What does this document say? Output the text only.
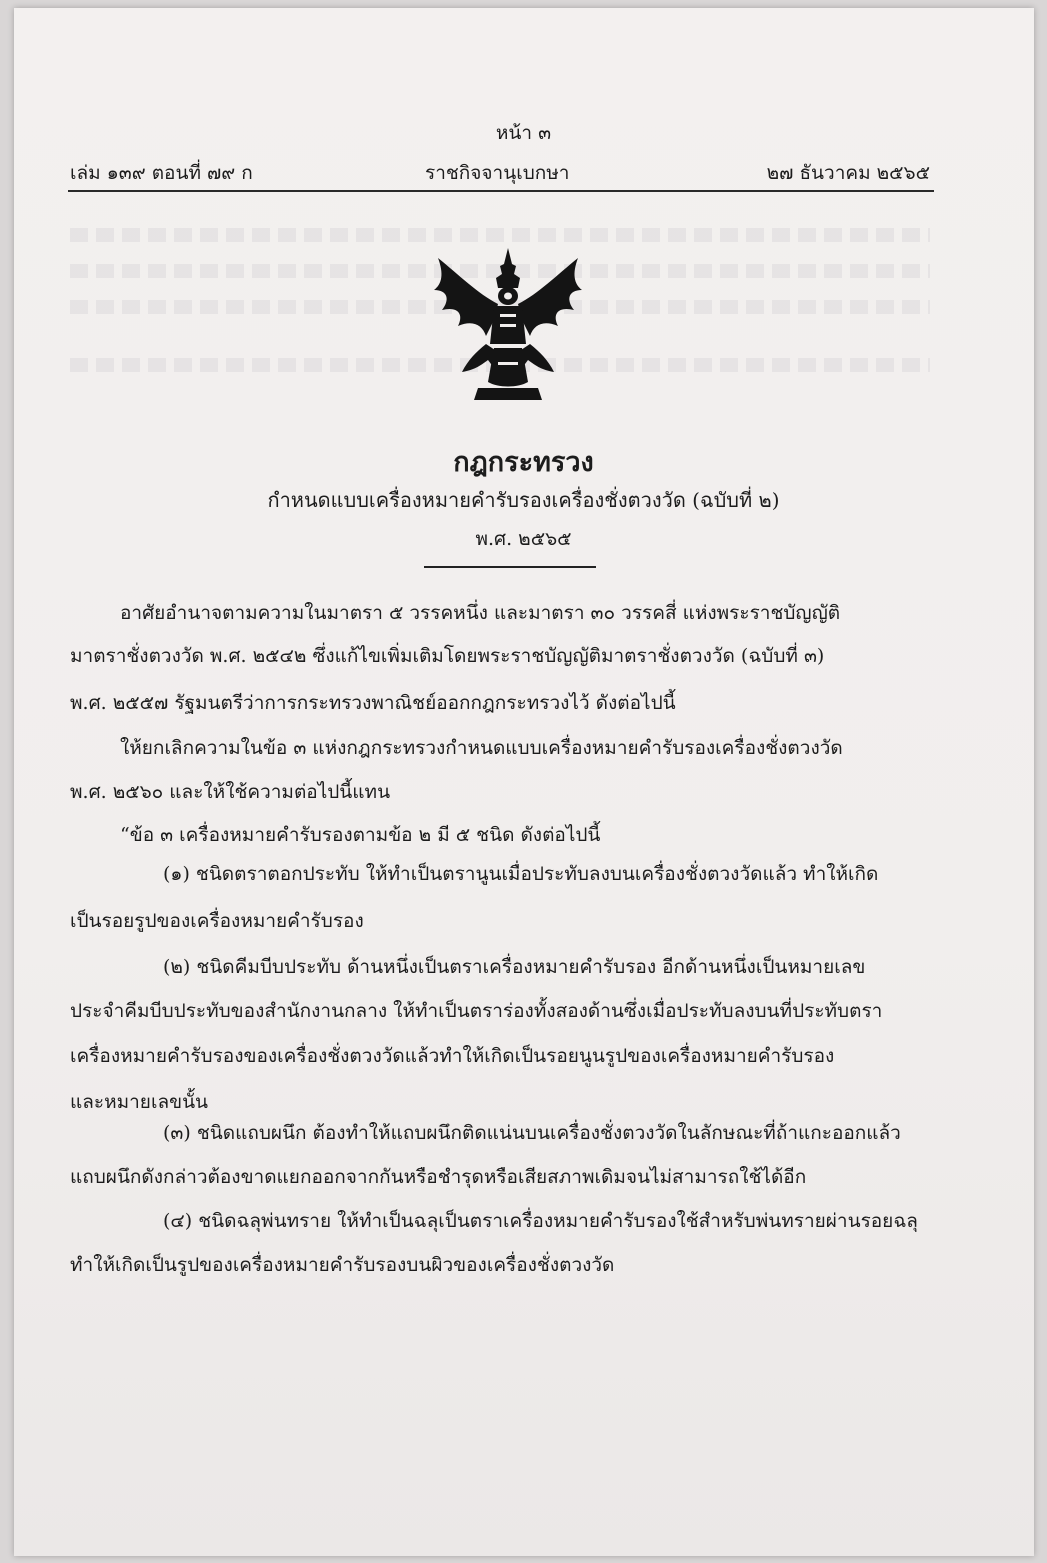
หน้า ๓
เล่ม ๑๓๙ ตอนที่ ๗๙ ก	ราชกิจจานุเบกษา	๒๗ ธันวาคม ๒๕๖๕
กฎกระทรวง
กำหนดแบบเครื่องหมายคำรับรองเครื่องชั่งตวงวัด (ฉบับที่ ๒)
พ.ศ. ๒๕๖๕
อาศัยอำนาจตามความในมาตรา ๕ วรรคหนึ่ง และมาตรา ๓๐ วรรคสี่ แห่งพระราชบัญญัติ
มาตราชั่งตวงวัด พ.ศ. ๒๕๔๒ ซึ่งแก้ไขเพิ่มเติมโดยพระราชบัญญัติมาตราชั่งตวงวัด (ฉบับที่ ๓)
พ.ศ. ๒๕๕๗ รัฐมนตรีว่าการกระทรวงพาณิชย์ออกกฎกระทรวงไว้ ดังต่อไปนี้
ให้ยกเลิกความในข้อ ๓ แห่งกฎกระทรวงกำหนดแบบเครื่องหมายคำรับรองเครื่องชั่งตวงวัด
พ.ศ. ๒๕๖๐ และให้ใช้ความต่อไปนี้แทน
“ข้อ ๓ เครื่องหมายคำรับรองตามข้อ ๒ มี ๕ ชนิด ดังต่อไปนี้
(๑) ชนิดตราตอกประทับ ให้ทำเป็นตรานูนเมื่อประทับลงบนเครื่องชั่งตวงวัดแล้ว ทำให้เกิด
เป็นรอยรูปของเครื่องหมายคำรับรอง
(๒) ชนิดคีมบีบประทับ ด้านหนึ่งเป็นตราเครื่องหมายคำรับรอง อีกด้านหนึ่งเป็นหมายเลข
ประจำคีมบีบประทับของสำนักงานกลาง ให้ทำเป็นตราร่องทั้งสองด้านซึ่งเมื่อประทับลงบนที่ประทับตรา
เครื่องหมายคำรับรองของเครื่องชั่งตวงวัดแล้วทำให้เกิดเป็นรอยนูนรูปของเครื่องหมายคำรับรอง
และหมายเลขนั้น
(๓) ชนิดแถบผนึก ต้องทำให้แถบผนึกติดแน่นบนเครื่องชั่งตวงวัดในลักษณะที่ถ้าแกะออกแล้ว
แถบผนึกดังกล่าวต้องขาดแยกออกจากกันหรือชำรุดหรือเสียสภาพเดิมจนไม่สามารถใช้ได้อีก
(๔) ชนิดฉลุพ่นทราย ให้ทำเป็นฉลุเป็นตราเครื่องหมายคำรับรองใช้สำหรับพ่นทรายผ่านรอยฉลุ
ทำให้เกิดเป็นรูปของเครื่องหมายคำรับรองบนผิวของเครื่องชั่งตวงวัด
